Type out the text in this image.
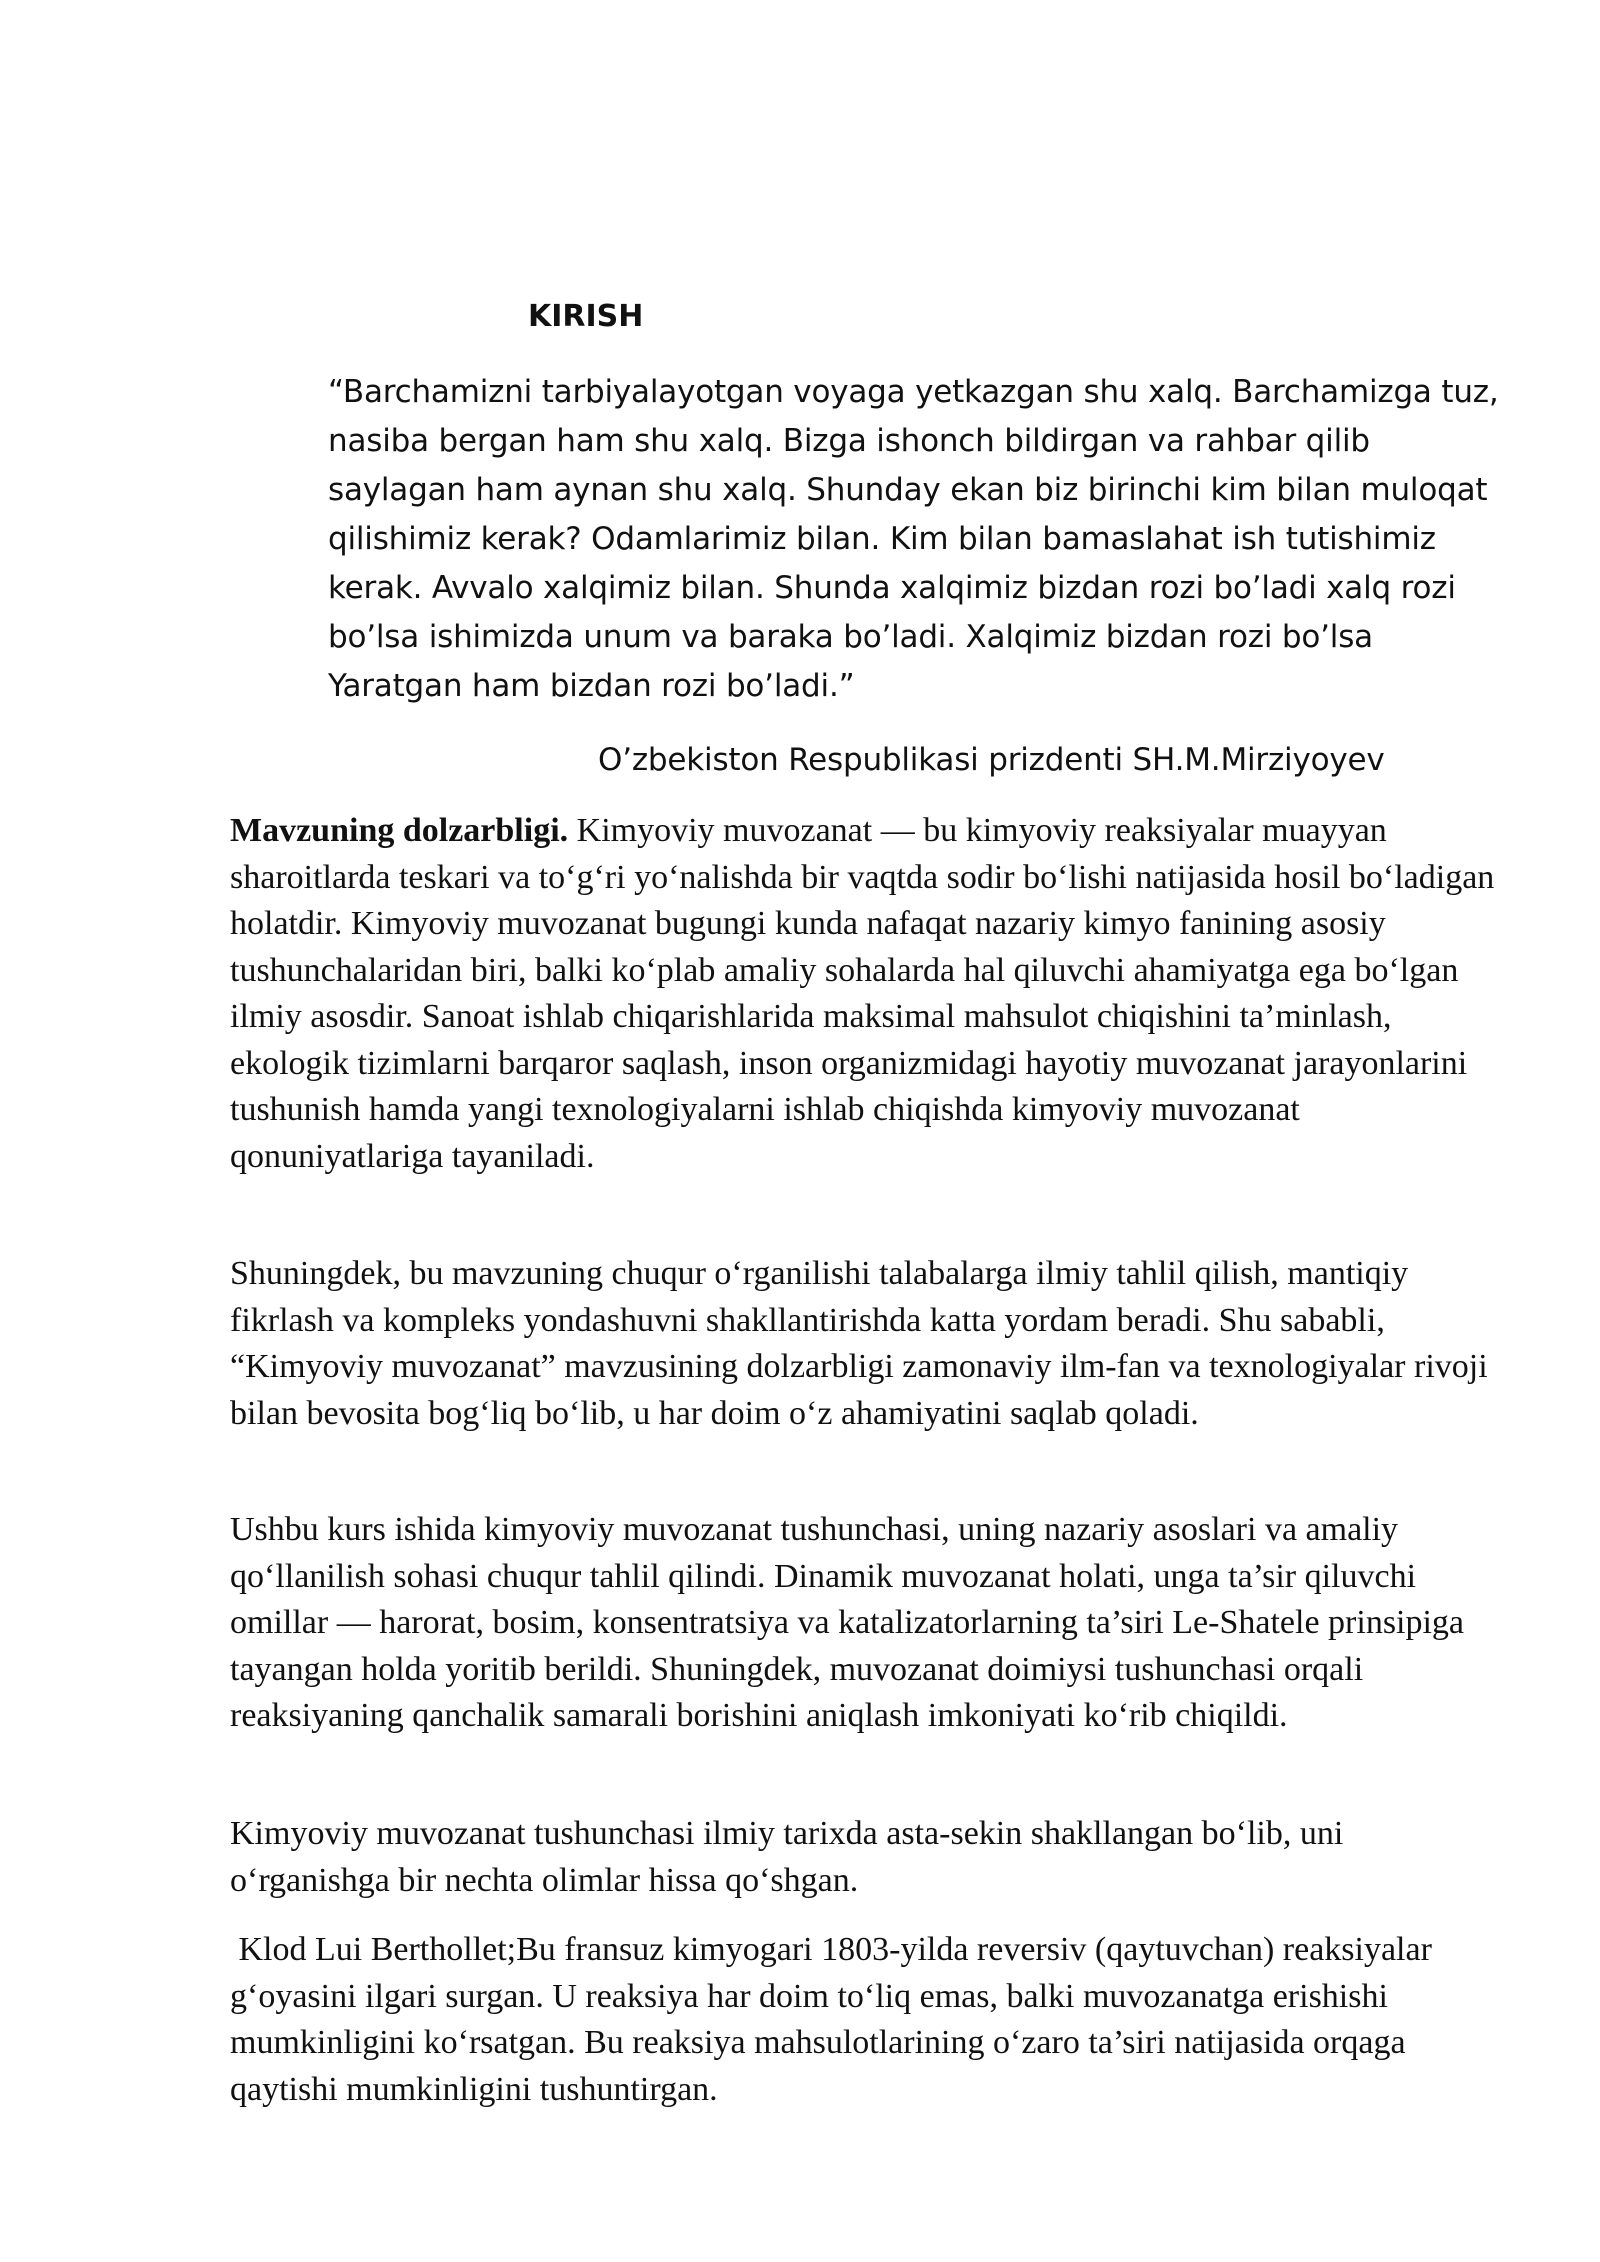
KIRISH

“Barchamizni tarbiyalayotgan voyaga yetkazgan shu xalq. Barchamizga tuz, nasiba bergan ham shu xalq. Bizga ishonch bildirgan va rahbar qilib saylagan ham aynan shu xalq. Shunday ekan biz birinchi kim bilan muloqat qilishimiz kerak? Odamlarimiz bilan. Kim bilan bamaslahat ish tutishimiz kerak. Avvalo xalqimiz bilan. Shunda xalqimiz bizdan rozi bo’ladi xalq rozi bo’lsa ishimizda unum va baraka bo’ladi. Xalqimiz bizdan rozi bo’lsa Yaratgan ham bizdan rozi bo’ladi.”

O’zbekiston Respublikasi prizdenti SH.M.Mirziyoyev

Mavzuning dolzarbligi. Kimyoviy muvozanat — bu kimyoviy reaksiyalar muayyan sharoitlarda teskari va to‘g‘ri yo‘nalishda bir vaqtda sodir bo‘lishi natijasida hosil bo‘ladigan holatdir. Kimyoviy muvozanat bugungi kunda nafaqat nazariy kimyo fanining asosiy tushunchalaridan biri, balki ko‘plab amaliy sohalarda hal qiluvchi ahamiyatga ega bo‘lgan ilmiy asosdir. Sanoat ishlab chiqarishlarida maksimal mahsulot chiqishini ta’minlash, ekologik tizimlarni barqaror saqlash, inson organizmidagi hayotiy muvozanat jarayonlarini tushunish hamda yangi texnologiyalarni ishlab chiqishda kimyoviy muvozanat qonuniyatlariga tayaniladi.

Shuningdek, bu mavzuning chuqur o‘rganilishi talabalarga ilmiy tahlil qilish, mantiqiy fikrlash va kompleks yondashuvni shakllantirishda katta yordam beradi. Shu sababli, “Kimyoviy muvozanat” mavzusining dolzarbligi zamonaviy ilm-fan va texnologiyalar rivoji bilan bevosita bog‘liq bo‘lib, u har doim o‘z ahamiyatini saqlab qoladi.

Ushbu kurs ishida kimyoviy muvozanat tushunchasi, uning nazariy asoslari va amaliy qo‘llanilish sohasi chuqur tahlil qilindi. Dinamik muvozanat holati, unga ta’sir qiluvchi omillar — harorat, bosim, konsentratsiya va katalizatorlarning ta’siri Le-Shatele prinsipiga tayangan holda yoritib berildi. Shuningdek, muvozanat doimiysi tushunchasi orqali reaksiyaning qanchalik samarali borishini aniqlash imkoniyati ko‘rib chiqildi.

Kimyoviy muvozanat tushunchasi ilmiy tarixda asta-sekin shakllangan bo‘lib, uni o‘rganishga bir nechta olimlar hissa qo‘shgan.

Klod Lui Berthollet;Bu fransuz kimyogari 1803-yilda reversiv (qaytuvchan) reaksiyalar g‘oyasini ilgari surgan. U reaksiya har doim to‘liq emas, balki muvozanatga erishishi mumkinligini ko‘rsatgan. Bu reaksiya mahsulotlarining o‘zaro ta’siri natijasida orqaga qaytishi mumkinligini tushuntirgan.
